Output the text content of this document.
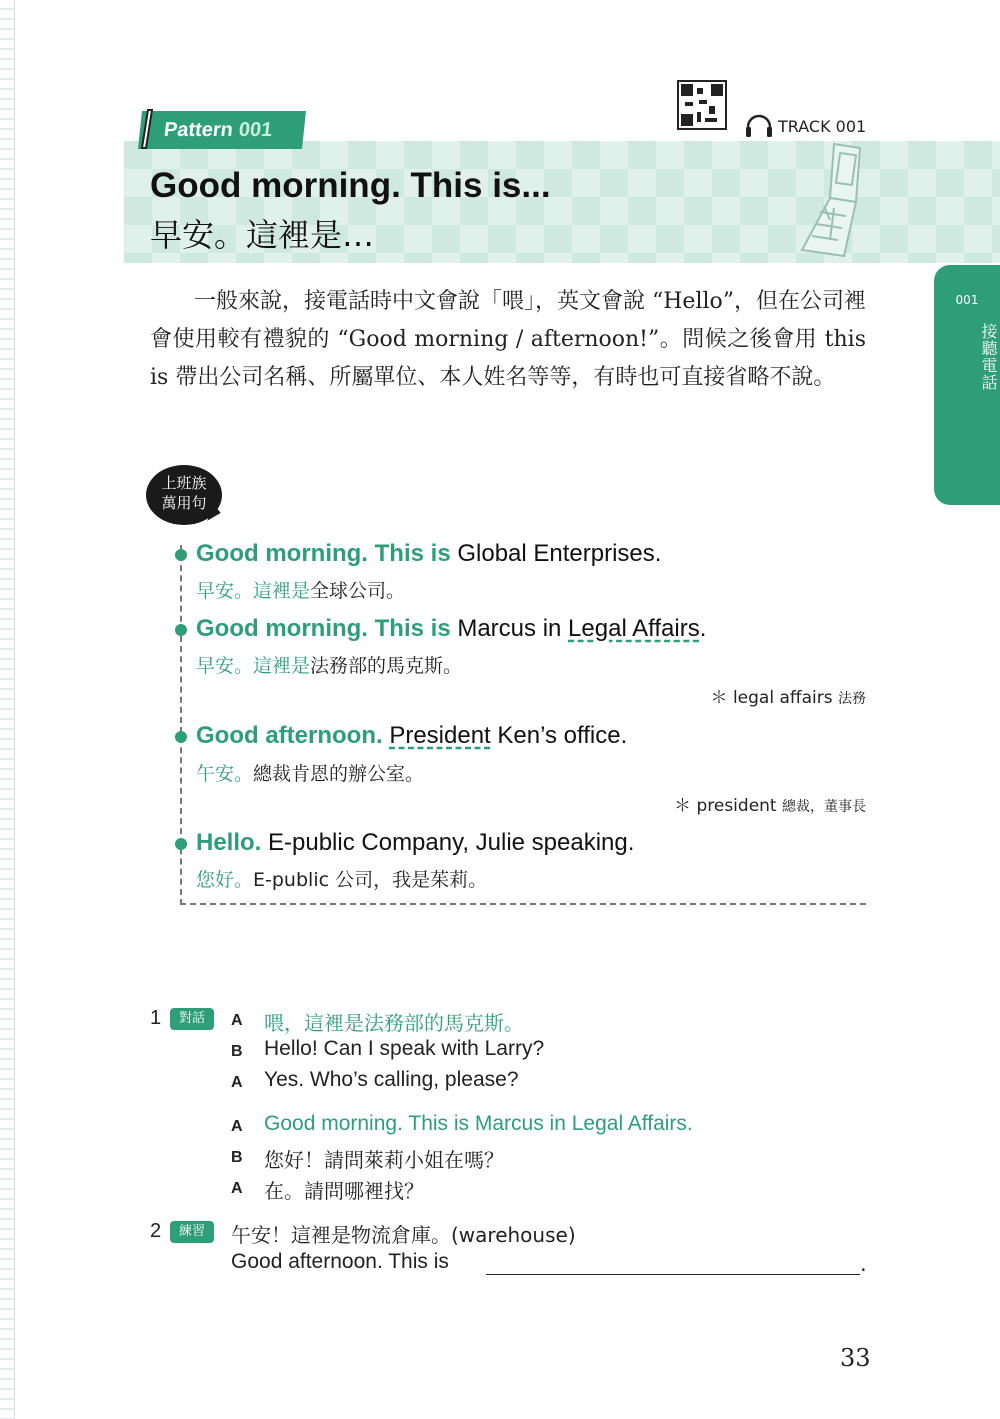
TRACK 001
Pattern 001
Good morning. This is...
早安。這裡是…
001
接聽電話

一般來說，接電話時中文會說「喂」，英文會說 “Hello”，但在公司裡會使用較有禮貌的 “Good morning / afternoon!”。問候之後會用 this is 帶出公司名稱、所屬單位、本人姓名等等，有時也可直接省略不說。

上班族
萬用句
Good morning. This is Global Enterprises.
早安。這裡是全球公司。
Good morning. This is Marcus in Legal Affairs.
早安。這裡是法務部的馬克斯。
＊ legal affairs 法務
Good afternoon. President Ken’s office.
午安。總裁肯恩的辦公室。
＊ president 總裁，董事長
Hello. E-public Company, Julie speaking.
您好。E-public 公司，我是茱莉。
1	對話	A 喂，這裡是法務部的馬克斯。
B Hello! Can I speak with Larry?
A Yes. Who’s calling, please?
A Good morning. This is Marcus in Legal Affairs.
B 您好！請問萊莉小姐在嗎？
A 在。請問哪裡找？
2	練習	午安！這裡是物流倉庫。(warehouse)
Good afternoon. This is	.
33
